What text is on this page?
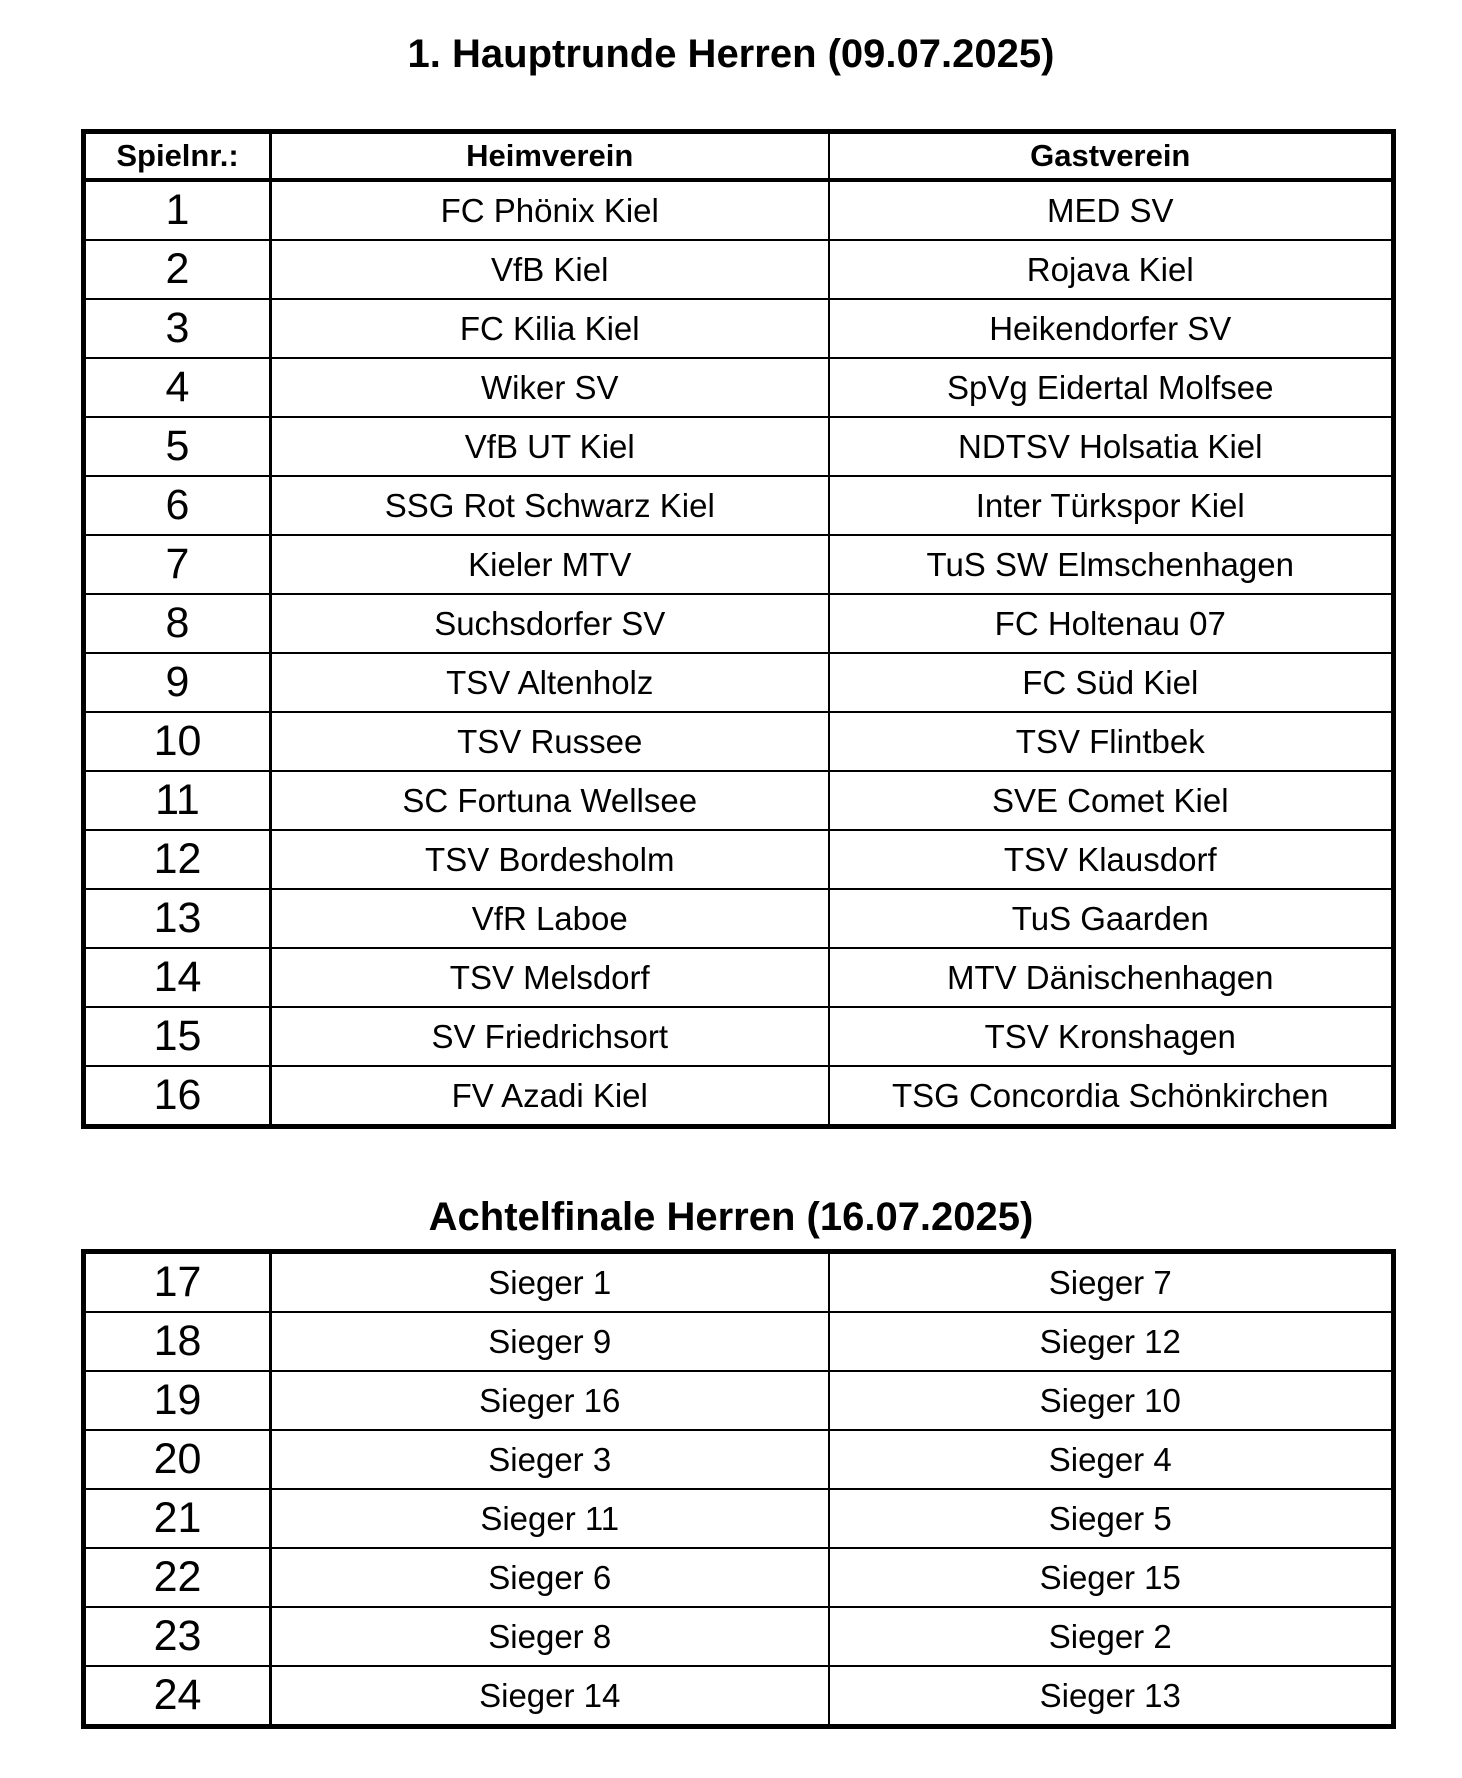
1. Hauptrunde Herren (09.07.2025)
Spielnr.:	Heimverein	Gastverein
1	FC Phönix Kiel	MED SV
2	VfB Kiel	Rojava Kiel
3	FC Kilia Kiel	Heikendorfer SV
4	Wiker SV	SpVg Eidertal Molfsee
5	VfB UT Kiel	NDTSV Holsatia Kiel
6	SSG Rot Schwarz Kiel	Inter Türkspor Kiel
7	Kieler MTV	TuS SW Elmschenhagen
8	Suchsdorfer SV	FC Holtenau 07
9	TSV Altenholz	FC Süd Kiel
10	TSV Russee	TSV Flintbek
11	SC Fortuna Wellsee	SVE Comet Kiel
12	TSV Bordesholm	TSV Klausdorf
13	VfR Laboe	TuS Gaarden
14	TSV Melsdorf	MTV Dänischenhagen
15	SV Friedrichsort	TSV Kronshagen
16	FV Azadi Kiel	TSG Concordia Schönkirchen
Achtelfinale Herren (16.07.2025)
17	Sieger 1	Sieger 7
18	Sieger 9	Sieger 12
19	Sieger 16	Sieger 10
20	Sieger 3	Sieger 4
21	Sieger 11	Sieger 5
22	Sieger 6	Sieger 15
23	Sieger 8	Sieger 2
24	Sieger 14	Sieger 13
